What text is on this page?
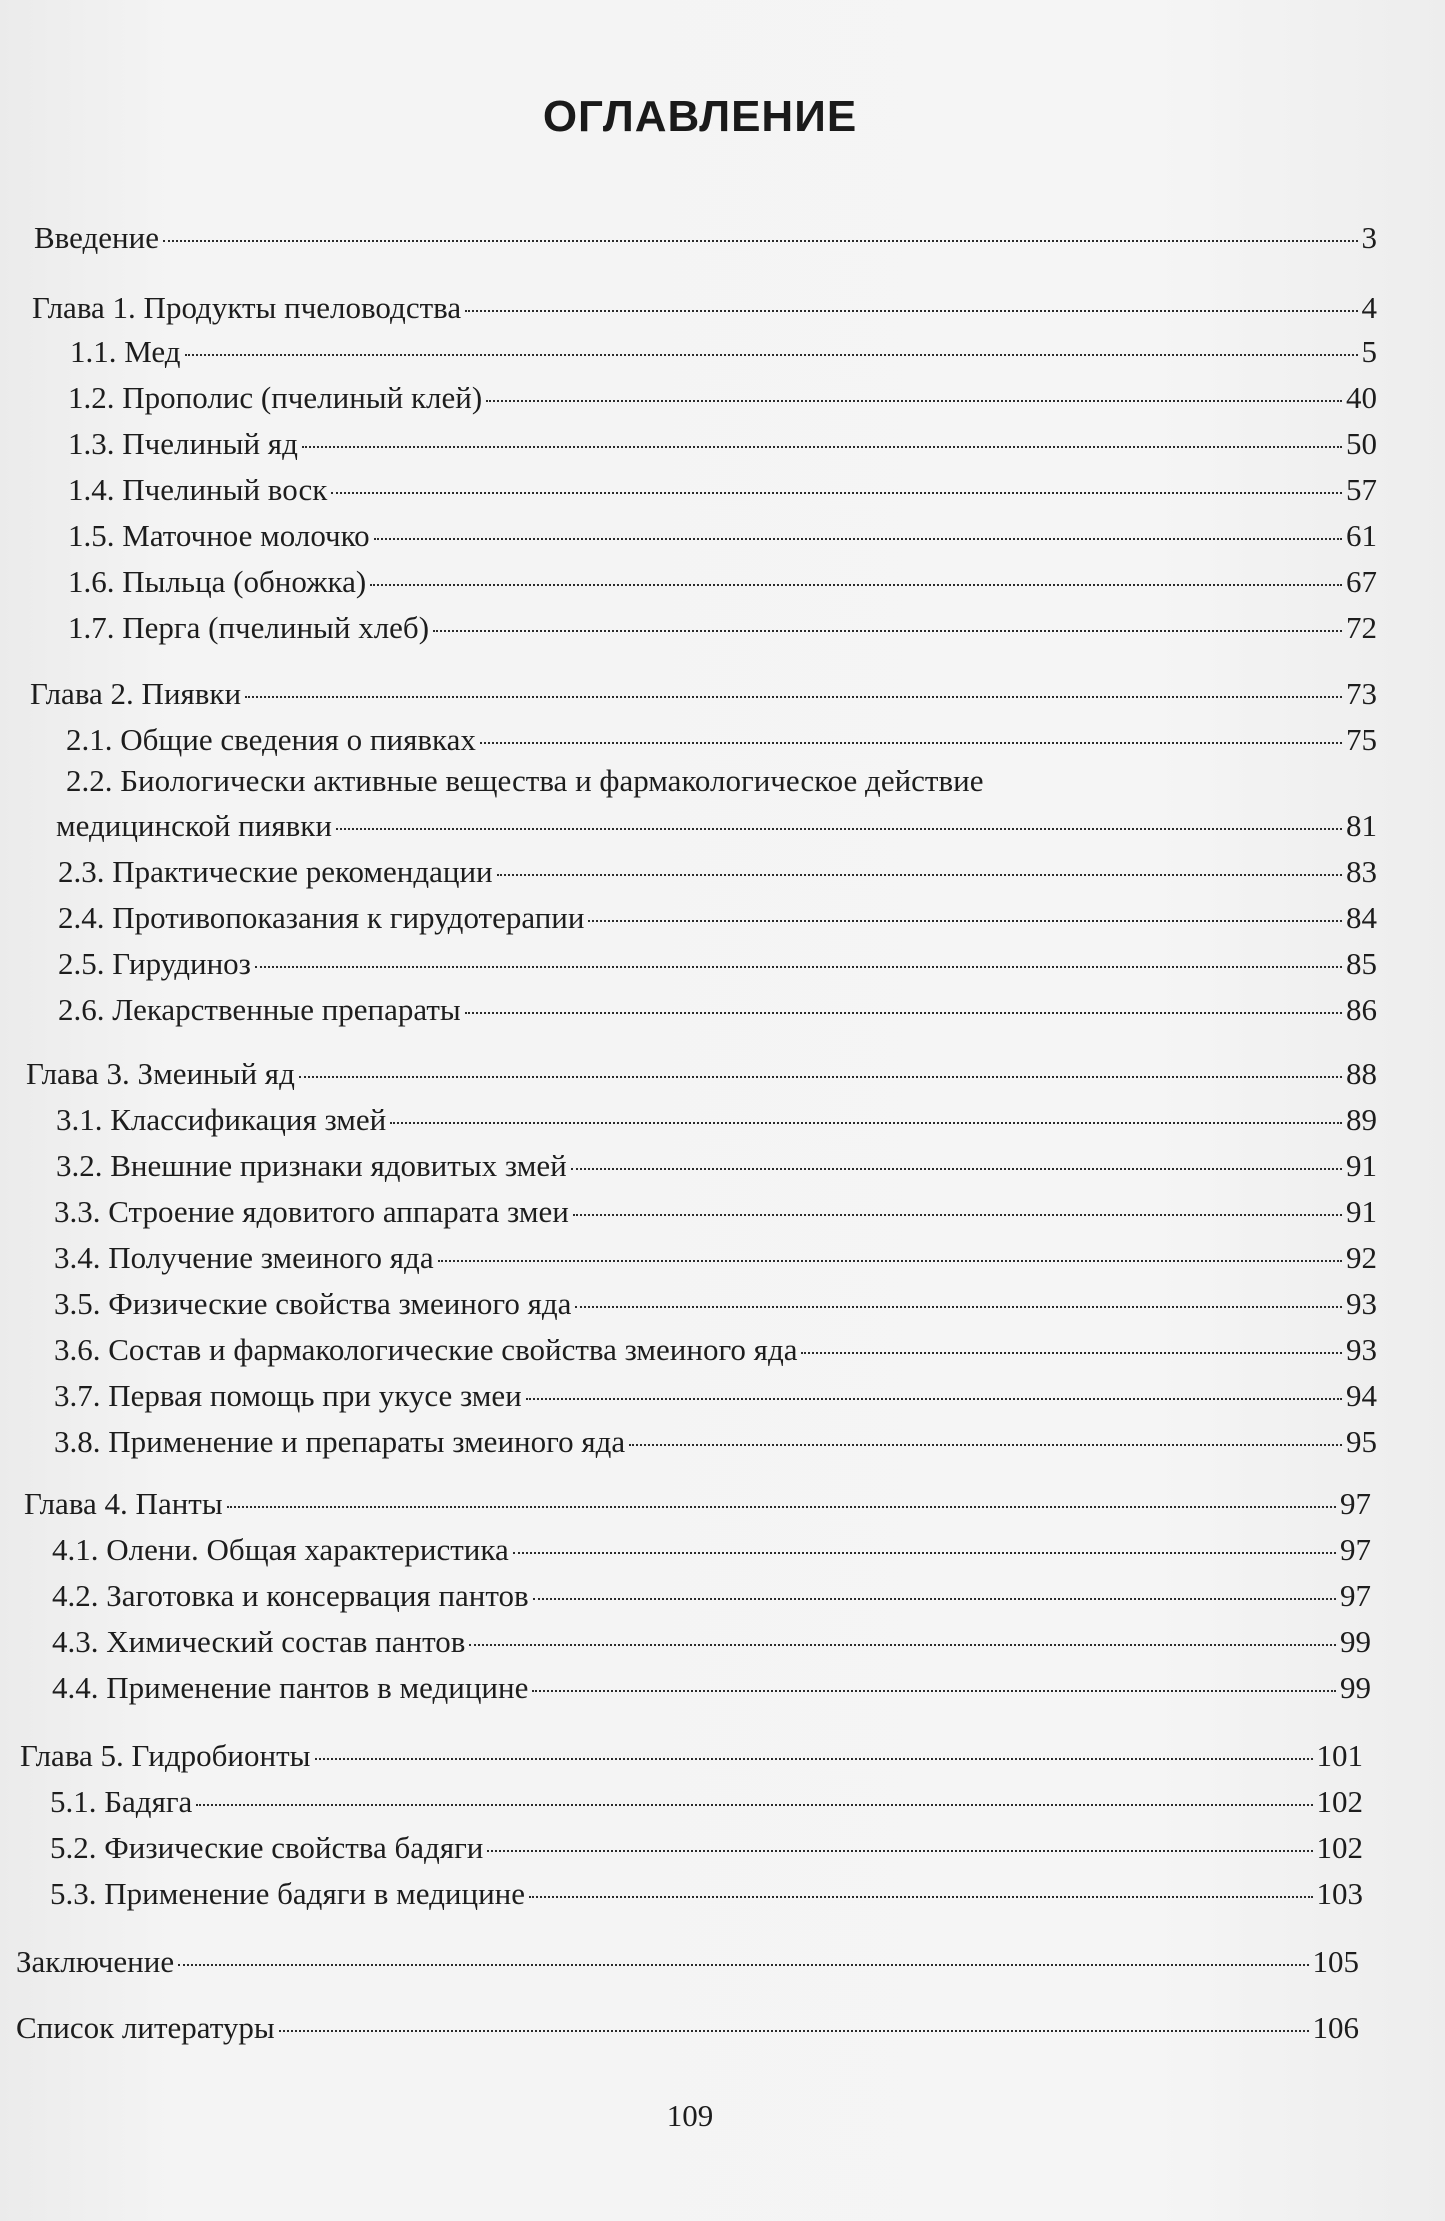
ОГЛАВЛЕНИЕ
Введение	3
Глава 1. Продукты пчеловодства	4
1.1. Мед	5
1.2. Прополис (пчелиный клей)	40
1.3. Пчелиный яд	50
1.4. Пчелиный воск	57
1.5. Маточное молочко	61
1.6. Пыльца (обножка)	67
1.7. Перга (пчелиный хлеб)	72
Глава 2. Пиявки	73
2.1. Общие сведения о пиявках	75
2.2. Биологически активные вещества и фармакологическое действие
медицинской пиявки	81
2.3. Практические рекомендации	83
2.4. Противопоказания к гирудотерапии	84
2.5. Гирудиноз	85
2.6. Лекарственные препараты	86
Глава 3. Змеиный яд	88
3.1. Классификация змей	89
3.2. Внешние признаки ядовитых змей	91
3.3. Строение ядовитого аппарата змеи	91
3.4. Получение змеиного яда	92
3.5. Физические свойства змеиного яда	93
3.6. Состав и фармакологические свойства змеиного яда	93
3.7. Первая помощь при укусе змеи	94
3.8. Применение и препараты змеиного яда	95
Глава 4. Панты	97
4.1. Олени. Общая характеристика	97
4.2. Заготовка и консервация пантов	97
4.3. Химический состав пантов	99
4.4. Применение пантов в медицине	99
Глава 5. Гидробионты	101
5.1. Бадяга	102
5.2. Физические свойства бадяги	102
5.3. Применение бадяги в медицине	103
Заключение	105
Список литературы	106
109
